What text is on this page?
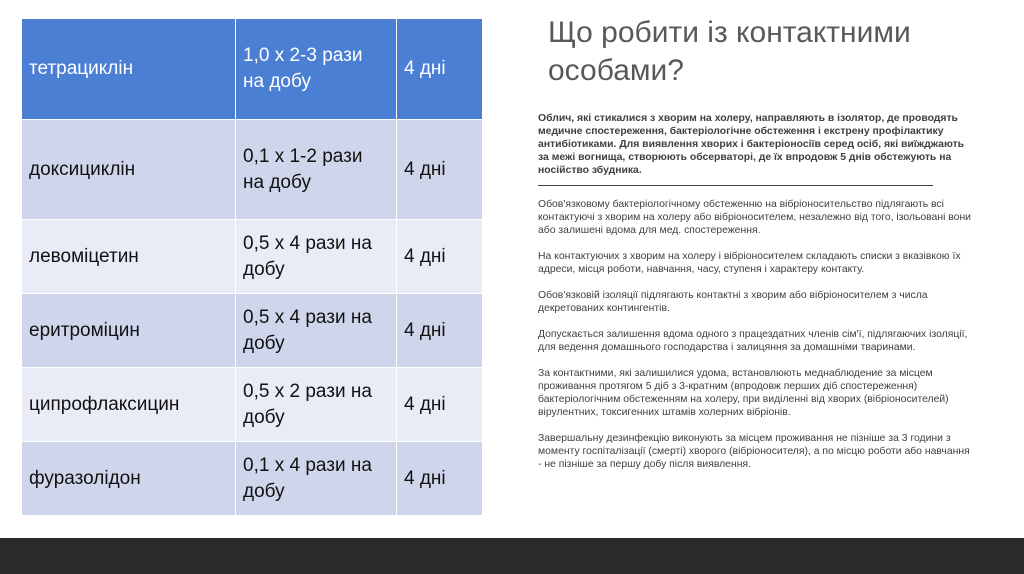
тетрациклін	1,0 х 2-3 рази на добу	4 дні
доксициклін	0,1 х 1-2 рази на добу	4 дні
левоміцетин	0,5 х 4 рази на добу	4 дні
еритроміцин	0,5 х 4 рази на добу	4 дні
ципрофлаксицин	0,5 х 2 рази на добу	4 дні
фуразолідон	0,1 х 4 рази на добу	4 дні
Що робити із контактними особами?

Облич, які стикалися з хворим на холеру, направляють в ізолятор, де проводять медичне спостереження, бактеріологічне обстеження і екстрену профілактику антибіотиками. Для виявлення хворих і бактеріоносіїв серед осіб, які виїжджають за межі вогнища, створюють обсерваторі, де їх впродовж 5 днів обстежують на носійство збудника.

Обов'язковому бактеріологічному обстеженню на вібріоносительство підлягають всі контактуючі з хворим на холеру або вібріоносителем, незалежно від того, ізольовані вони або залишені вдома для мед. спостереження.

На контактуючих з хворим на холеру і вібріоносителем складають списки з вказівкою їх адреси, місця роботи, навчання, часу, ступеня і характеру контакту.

Обов'язковій ізоляції підлягають контактні з хворим або вібріоносителем з числа декретованих контингентів.

Допускається залишення вдома одного з працездатних членів сім'ї, підлягаючих ізоляції, для ведення домашнього господарства і залицяння за домашніми тваринами.

За контактними, які залишилися удома, встановлюють меднаблюдение за місцем проживання протягом 5 діб з 3-кратним (впродовж перших діб спостереження) бактеріологічним обстеженням на холеру, при виділенні від хворих (вібріоносителей) вірулентних, токсигенних штамів холерних вібріонів.

Завершальну дезинфекцію виконують за місцем проживання не пізніше за 3 години з моменту госпіталізації (смерті) хворого (вібріоносителя), а по місцю роботи або навчання - не пізніше за першу добу після виявлення.
